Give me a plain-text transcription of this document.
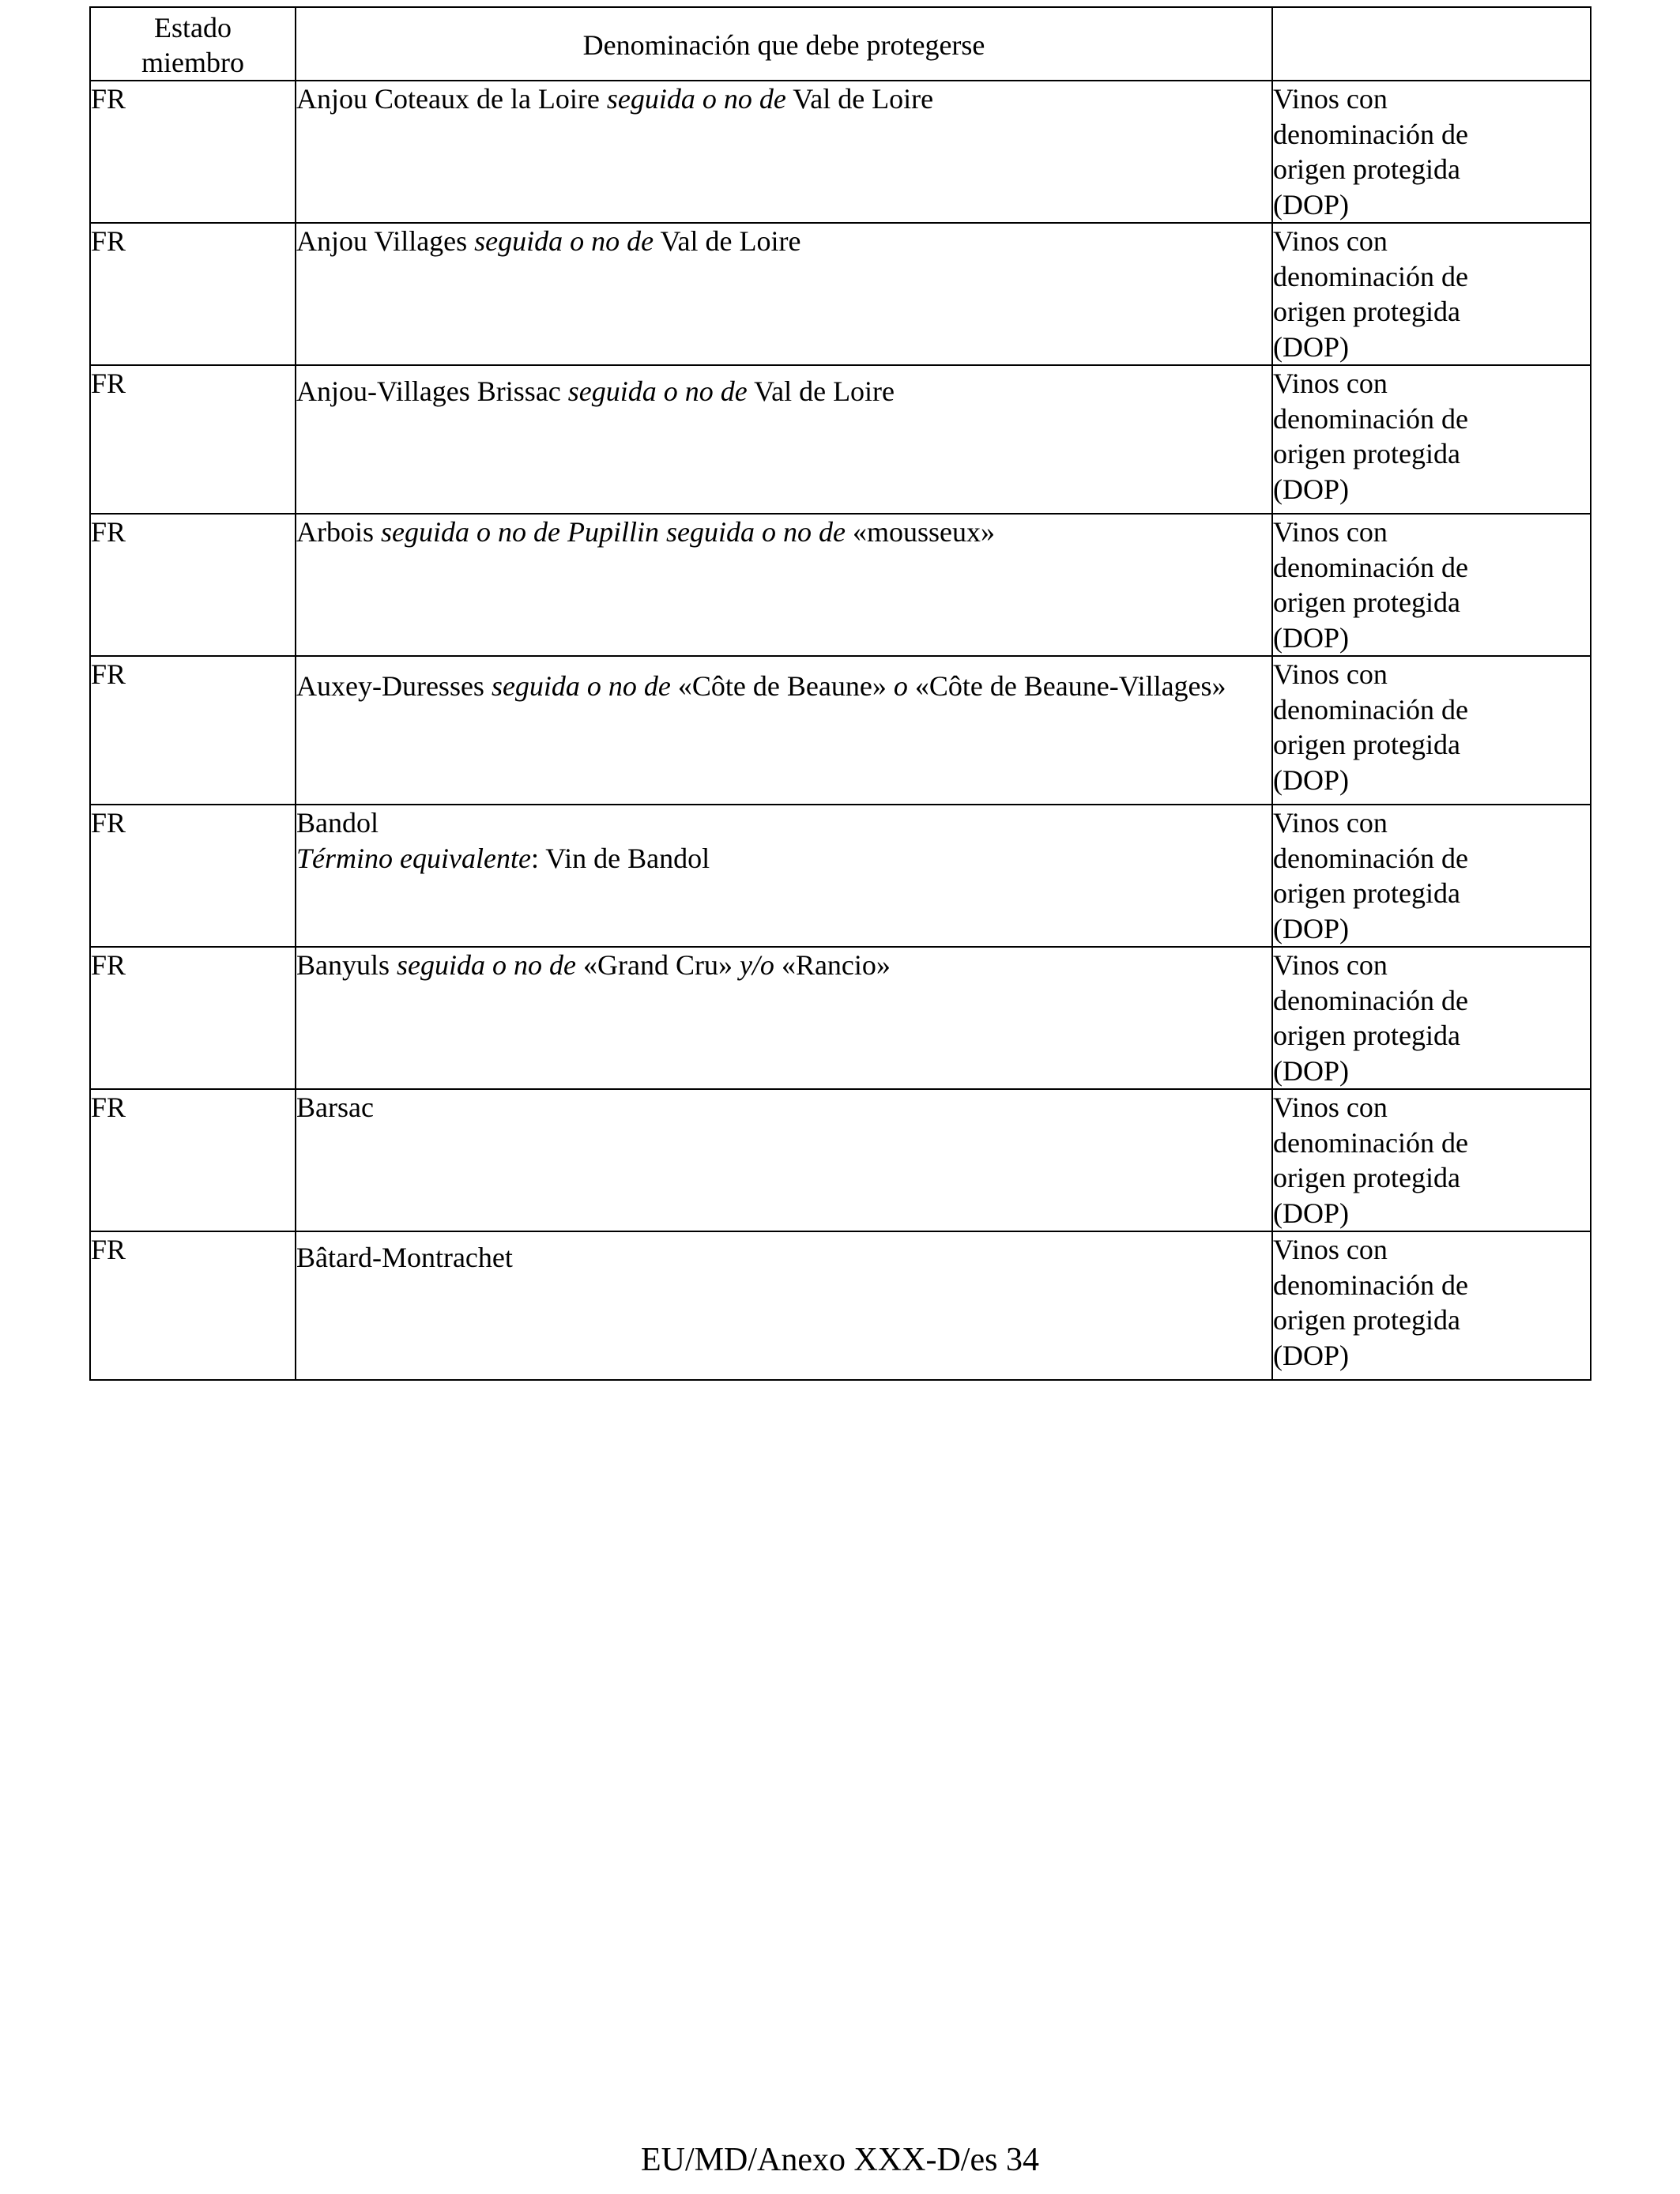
Estado miembro	Denominación que debe protegerse	

FR	Anjou Coteaux de la Loire seguida o no de Val de Loire	Vinos con
denominación de
origen protegida
(DOP)
FR	Anjou Villages seguida o no de Val de Loire	Vinos con
denominación de
origen protegida
(DOP)
FR	Anjou-Villages Brissac seguida o no de Val de Loire	Vinos con
denominación de
origen protegida
(DOP)
FR	Arbois seguida o no de Pupillin seguida o no de «mousseux»	Vinos con
denominación de
origen protegida
(DOP)
FR	Auxey-Duresses seguida o no de «Côte de Beaune» o «Côte de Beaune-Villages»	Vinos con
denominación de
origen protegida
(DOP)
FR	Bandol
Término equivalente: Vin de Bandol	Vinos con
denominación de
origen protegida
(DOP)
FR	Banyuls seguida o no de «Grand Cru» y/o «Rancio»	Vinos con
denominación de
origen protegida
(DOP)
FR	Barsac	Vinos con
denominación de
origen protegida
(DOP)
FR	Bâtard-Montrachet	Vinos con
denominación de
origen protegida
(DOP)
EU/MD/Anexo XXX-D/es 34
